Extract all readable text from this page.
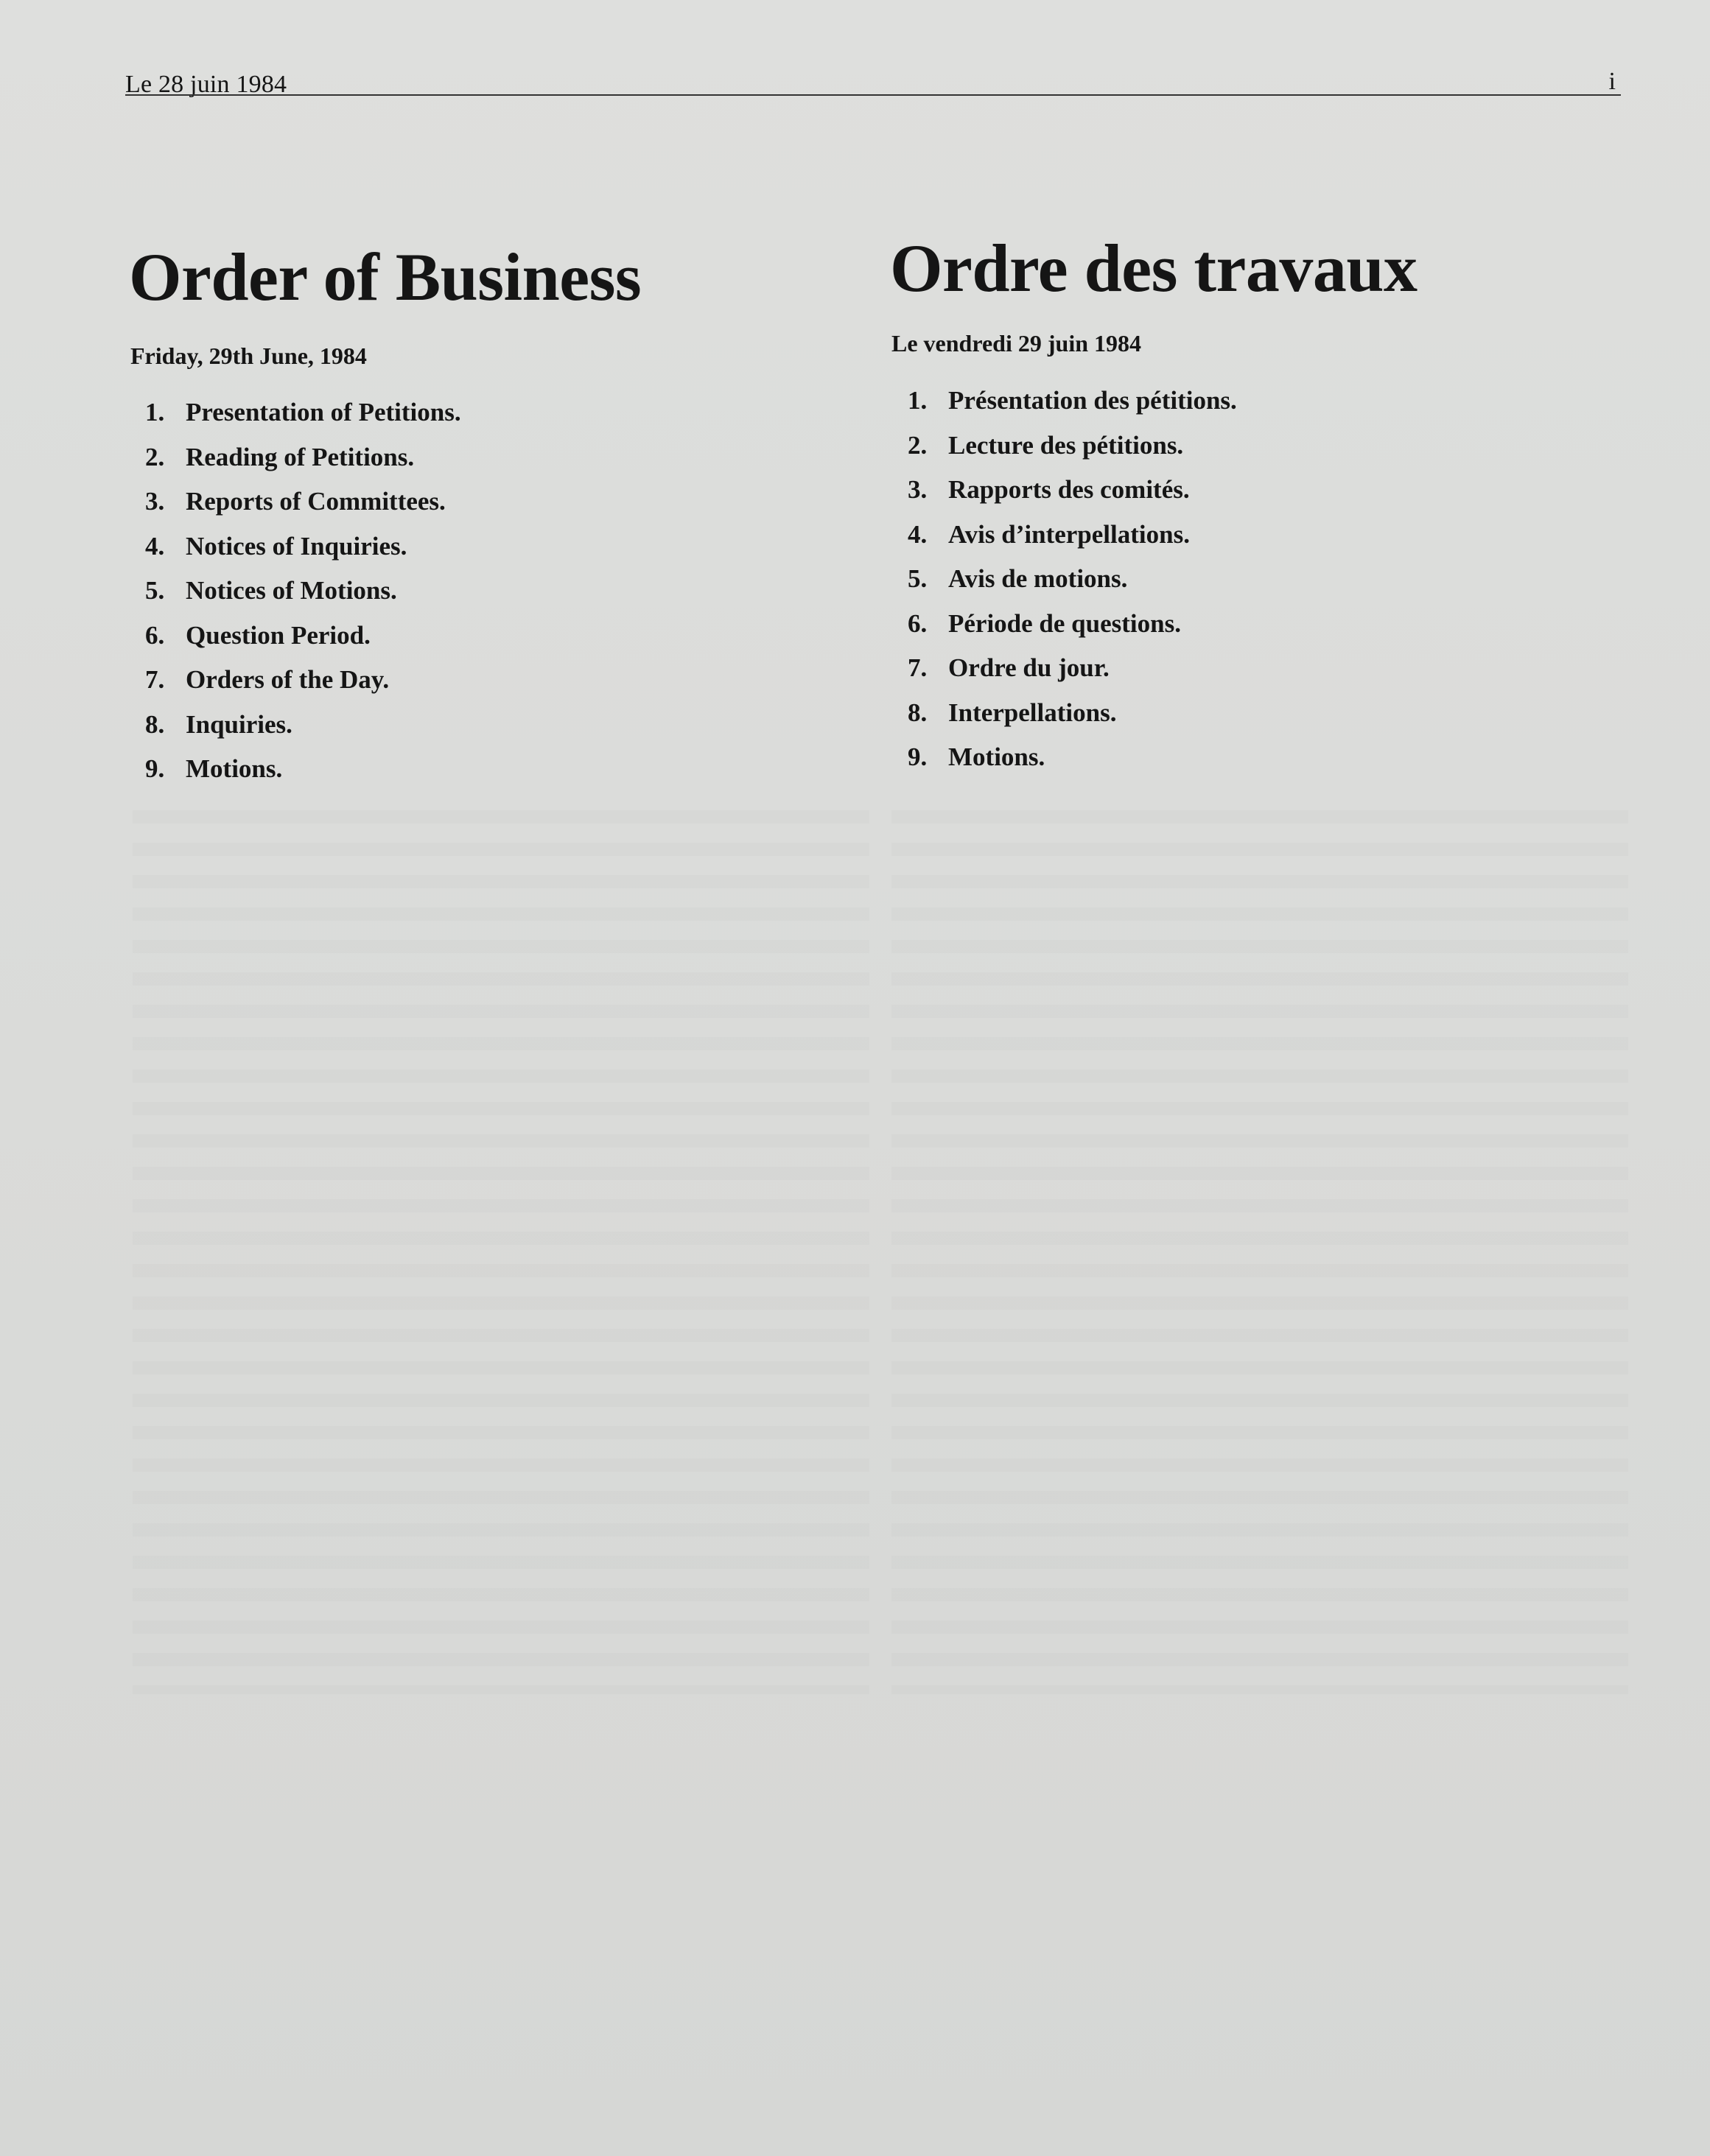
Le 28 juin 1984	i
Order of Business

Friday, 29th June, 1984

1. Presentation of Petitions.
2. Reading of Petitions.
3. Reports of Committees.
4. Notices of Inquiries.
5. Notices of Motions.
6. Question Period.
7. Orders of the Day.
8. Inquiries.
9. Motions.
Ordre des travaux

Le vendredi 29 juin 1984

1. Présentation des pétitions.
2. Lecture des pétitions.
3. Rapports des comités.
4. Avis d’interpellations.
5. Avis de motions.
6. Période de questions.
7. Ordre du jour.
8. Interpellations.
9. Motions.
